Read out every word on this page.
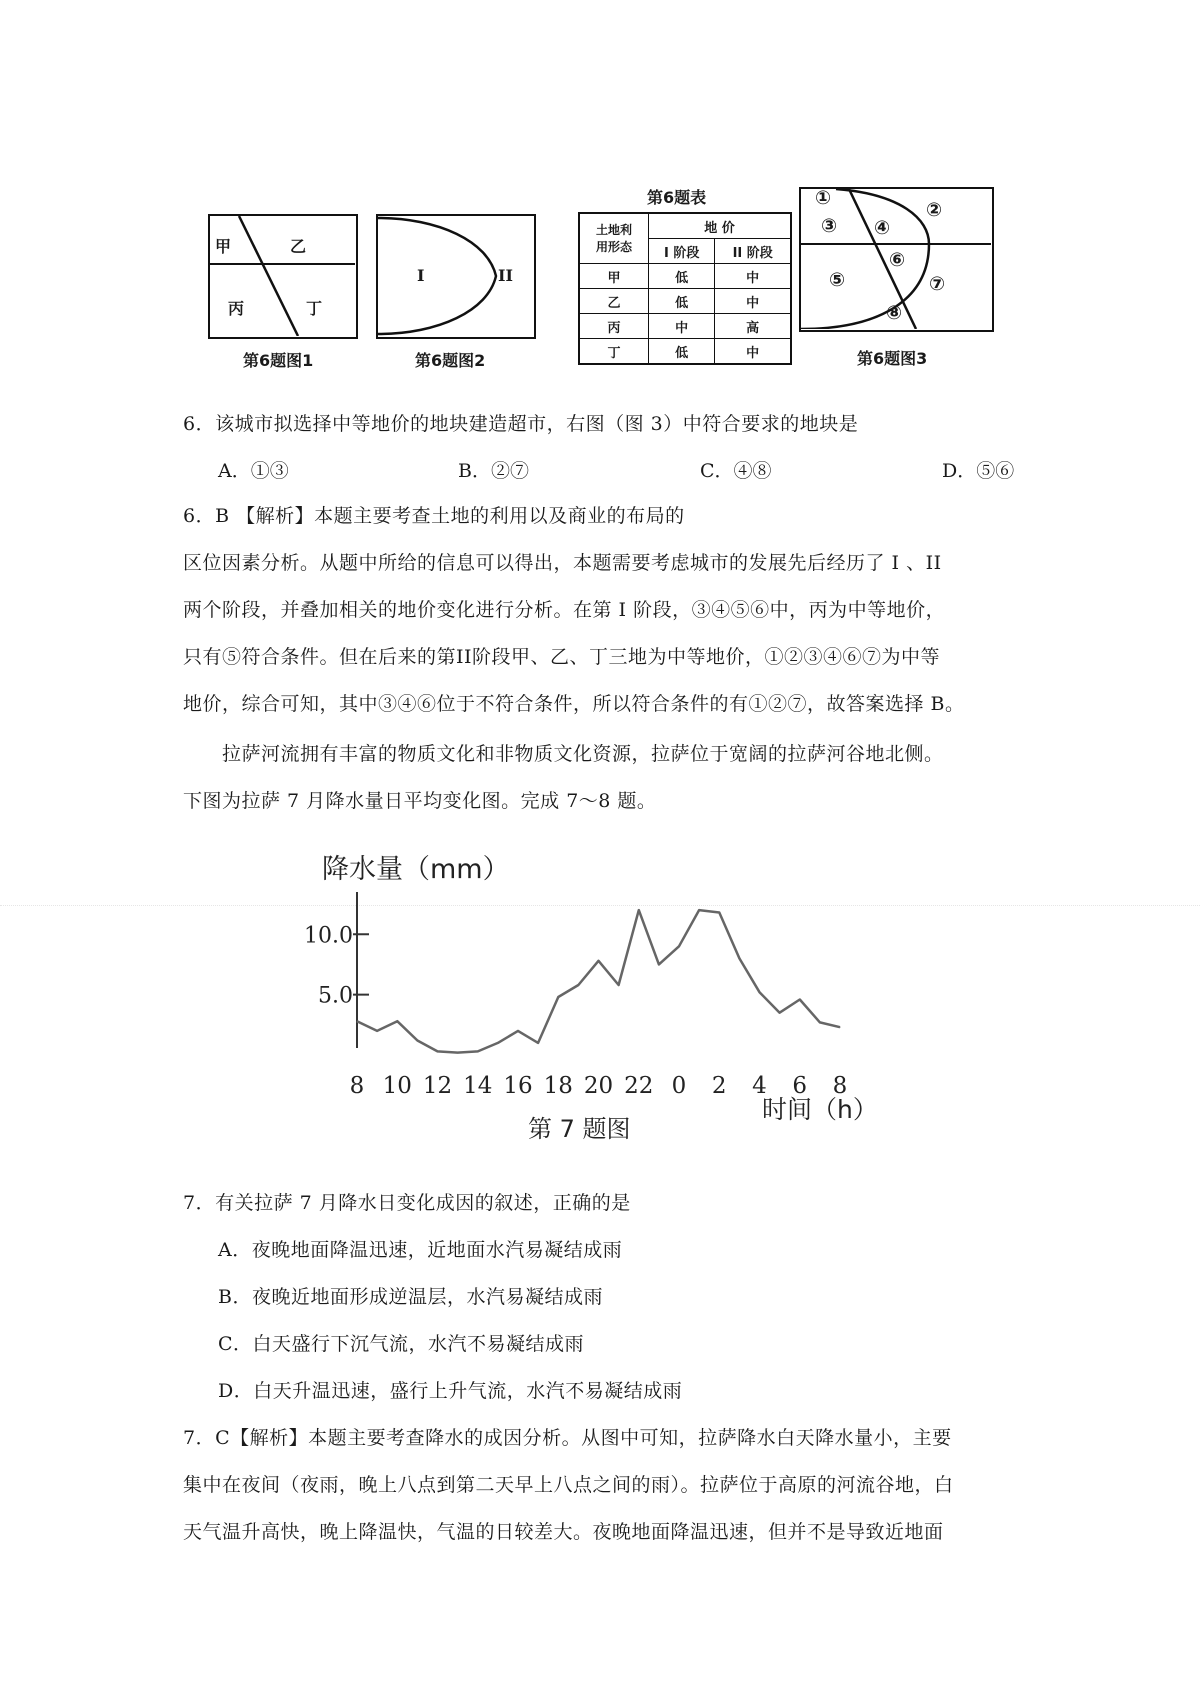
甲	乙
丙	丁
第6题图1
I	II
第6题图2
第6题表
土地利
用形态	地 价	
	I 阶段	II 阶段
甲	低	中
乙	低	中
丙	中	高
丁	低	中
①
②
③ ④
⑤
⑥
⑦
⑧
第6题图3
6．该城市拟选择中等地价的地块建造超市，右图（图 3）中符合要求的地块是
A．①③	B．②⑦	C．④⑧	D．⑤⑥
6．B 【解析】本题主要考查土地的利用以及商业的布局的
区位因素分析。从题中所给的信息可以得出，本题需要考虑城市的发展先后经历了 I 、II
两个阶段，并叠加相关的地价变化进行分析。在第 I 阶段，③④⑤⑥中，丙为中等地价，
只有⑤符合条件。但在后来的第II阶段甲、乙、丁三地为中等地价，①②③④⑥⑦为中等
地价，综合可知，其中③④⑥位于不符合条件，所以符合条件的有①②⑦，故答案选择 B。
拉萨河流拥有丰富的物质文化和非物质文化资源，拉萨位于宽阔的拉萨河谷地北侧。
下图为拉萨 7 月降水量日平均变化图。完成 7～8 题。
降水量（mm）
10.0
5.0
8 10 12 14 16 18 20 22 0 2 4 6 8
时间（h）
第 7 题图
7．有关拉萨 7 月降水日变化成因的叙述，正确的是
A．夜晚地面降温迅速，近地面水汽易凝结成雨
B．夜晚近地面形成逆温层，水汽易凝结成雨
C．白天盛行下沉气流，水汽不易凝结成雨
D．白天升温迅速，盛行上升气流，水汽不易凝结成雨
7．C【解析】本题主要考查降水的成因分析。从图中可知，拉萨降水白天降水量小，主要
集中在夜间（夜雨，晚上八点到第二天早上八点之间的雨）。拉萨位于高原的河流谷地，白
天气温升高快，晚上降温快，气温的日较差大。夜晚地面降温迅速，但并不是导致近地面
